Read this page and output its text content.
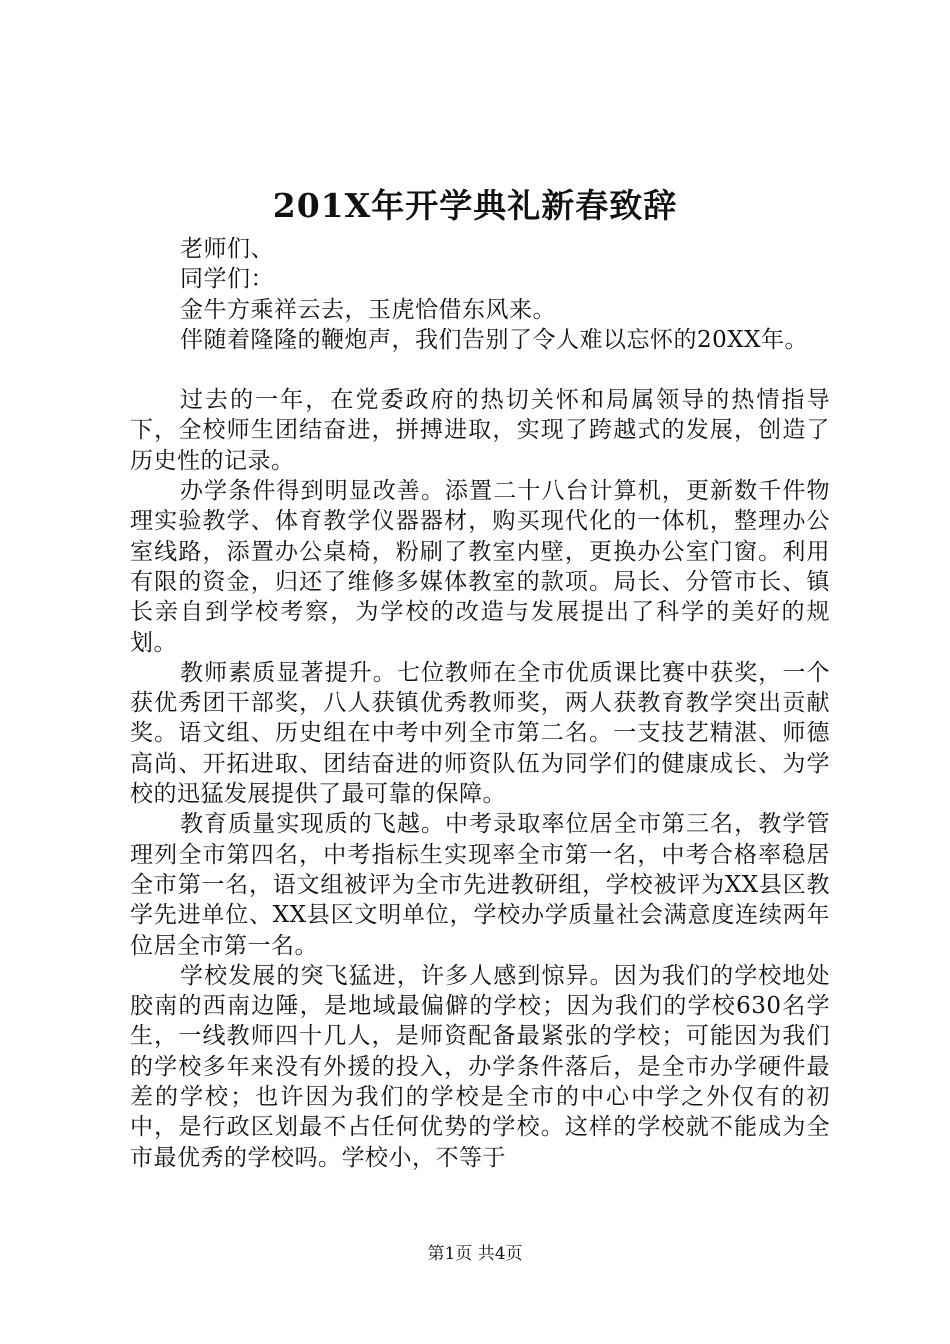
201X年开学典礼新春致辞

老师们、

同学们：

金牛方乘祥云去，玉虎恰借东风来。

伴随着隆隆的鞭炮声，我们告别了令人难以忘怀的20XX年。

过去的一年，在党委政府的热切关怀和局属领导的热情指导下，全校师生团结奋进，拼搏进取，实现了跨越式的发展，创造了历史性的记录。

办学条件得到明显改善。添置二十八台计算机，更新数千件物理实验教学、体育教学仪器器材，购买现代化的一体机，整理办公室线路，添置办公桌椅，粉刷了教室内壁，更换办公室门窗。利用有限的资金，归还了维修多媒体教室的款项。局长、分管市长、镇长亲自到学校考察，为学校的改造与发展提出了科学的美好的规划。

教师素质显著提升。七位教师在全市优质课比赛中获奖，一个获优秀团干部奖，八人获镇优秀教师奖，两人获教育教学突出贡献奖。语文组、历史组在中考中列全市第二名。一支技艺精湛、师德高尚、开拓进取、团结奋进的师资队伍为同学们的健康成长、为学校的迅猛发展提供了最可靠的保障。

教育质量实现质的飞越。中考录取率位居全市第三名，教学管理列全市第四名，中考指标生实现率全市第一名，中考合格率稳居全市第一名，语文组被评为全市先进教研组，学校被评为XX县区教学先进单位、XX县区文明单位，学校办学质量社会满意度连续两年位居全市第一名。

学校发展的突飞猛进，许多人感到惊异。因为我们的学校地处胶南的西南边陲，是地域最偏僻的学校；因为我们的学校630名学生，一线教师四十几人，是师资配备最紧张的学校；可能因为我们的学校多年来没有外援的投入，办学条件落后，是全市办学硬件最差的学校；也许因为我们的学校是全市的中心中学之外仅有的初中，是行政区划最不占任何优势的学校。这样的学校就不能成为全市最优秀的学校吗。学校小，不等于

第1页 共4页
